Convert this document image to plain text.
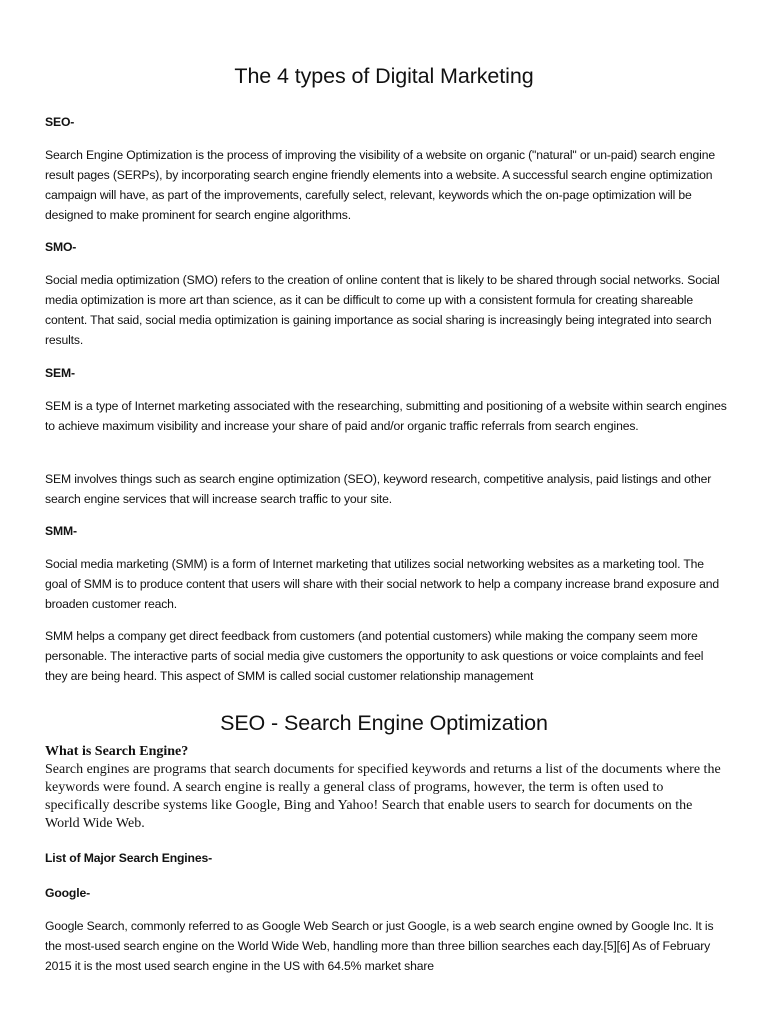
The 4 types of Digital Marketing

SEO-

Search Engine Optimization is the process of improving the visibility of a website on organic ("natural" or un-paid) search engine result pages (SERPs), by incorporating search engine friendly elements into a website. A successful search engine optimization campaign will have, as part of the improvements, carefully select, relevant, keywords which the on-page optimization will be designed to make prominent for search engine algorithms.

SMO-

Social media optimization (SMO) refers to the creation of online content that is likely to be shared through social networks. Social media optimization is more art than science, as it can be difficult to come up with a consistent formula for creating shareable content. That said, social media optimization is gaining importance as social sharing is increasingly being integrated into search results.

SEM-

SEM is a type of Internet marketing associated with the researching, submitting and positioning of a website within search engines to achieve maximum visibility and increase your share of paid and/or organic traffic referrals from search engines.

SEM involves things such as search engine optimization (SEO), keyword research, competitive analysis, paid listings and other search engine services that will increase search traffic to your site.

SMM-

Social media marketing (SMM) is a form of Internet marketing that utilizes social networking websites as a marketing tool. The goal of SMM is to produce content that users will share with their social network to help a company increase brand exposure and broaden customer reach.

SMM helps a company get direct feedback from customers (and potential customers) while making the company seem more personable. The interactive parts of social media give customers the opportunity to ask questions or voice complaints and feel they are being heard. This aspect of SMM is called social customer relationship management

SEO - Search Engine Optimization

What is Search Engine?

Search engines are programs that search documents for specified keywords and returns a list of the documents where the keywords were found. A search engine is really a general class of programs, however, the term is often used to specifically describe systems like Google, Bing and Yahoo! Search that enable users to search for documents on the World Wide Web.

List of Major Search Engines-

Google-

Google Search, commonly referred to as Google Web Search or just Google, is a web search engine owned by Google Inc. It is the most-used search engine on the World Wide Web, handling more than three billion searches each day.[5][6] As of February 2015 it is the most used search engine in the US with 64.5% market share
